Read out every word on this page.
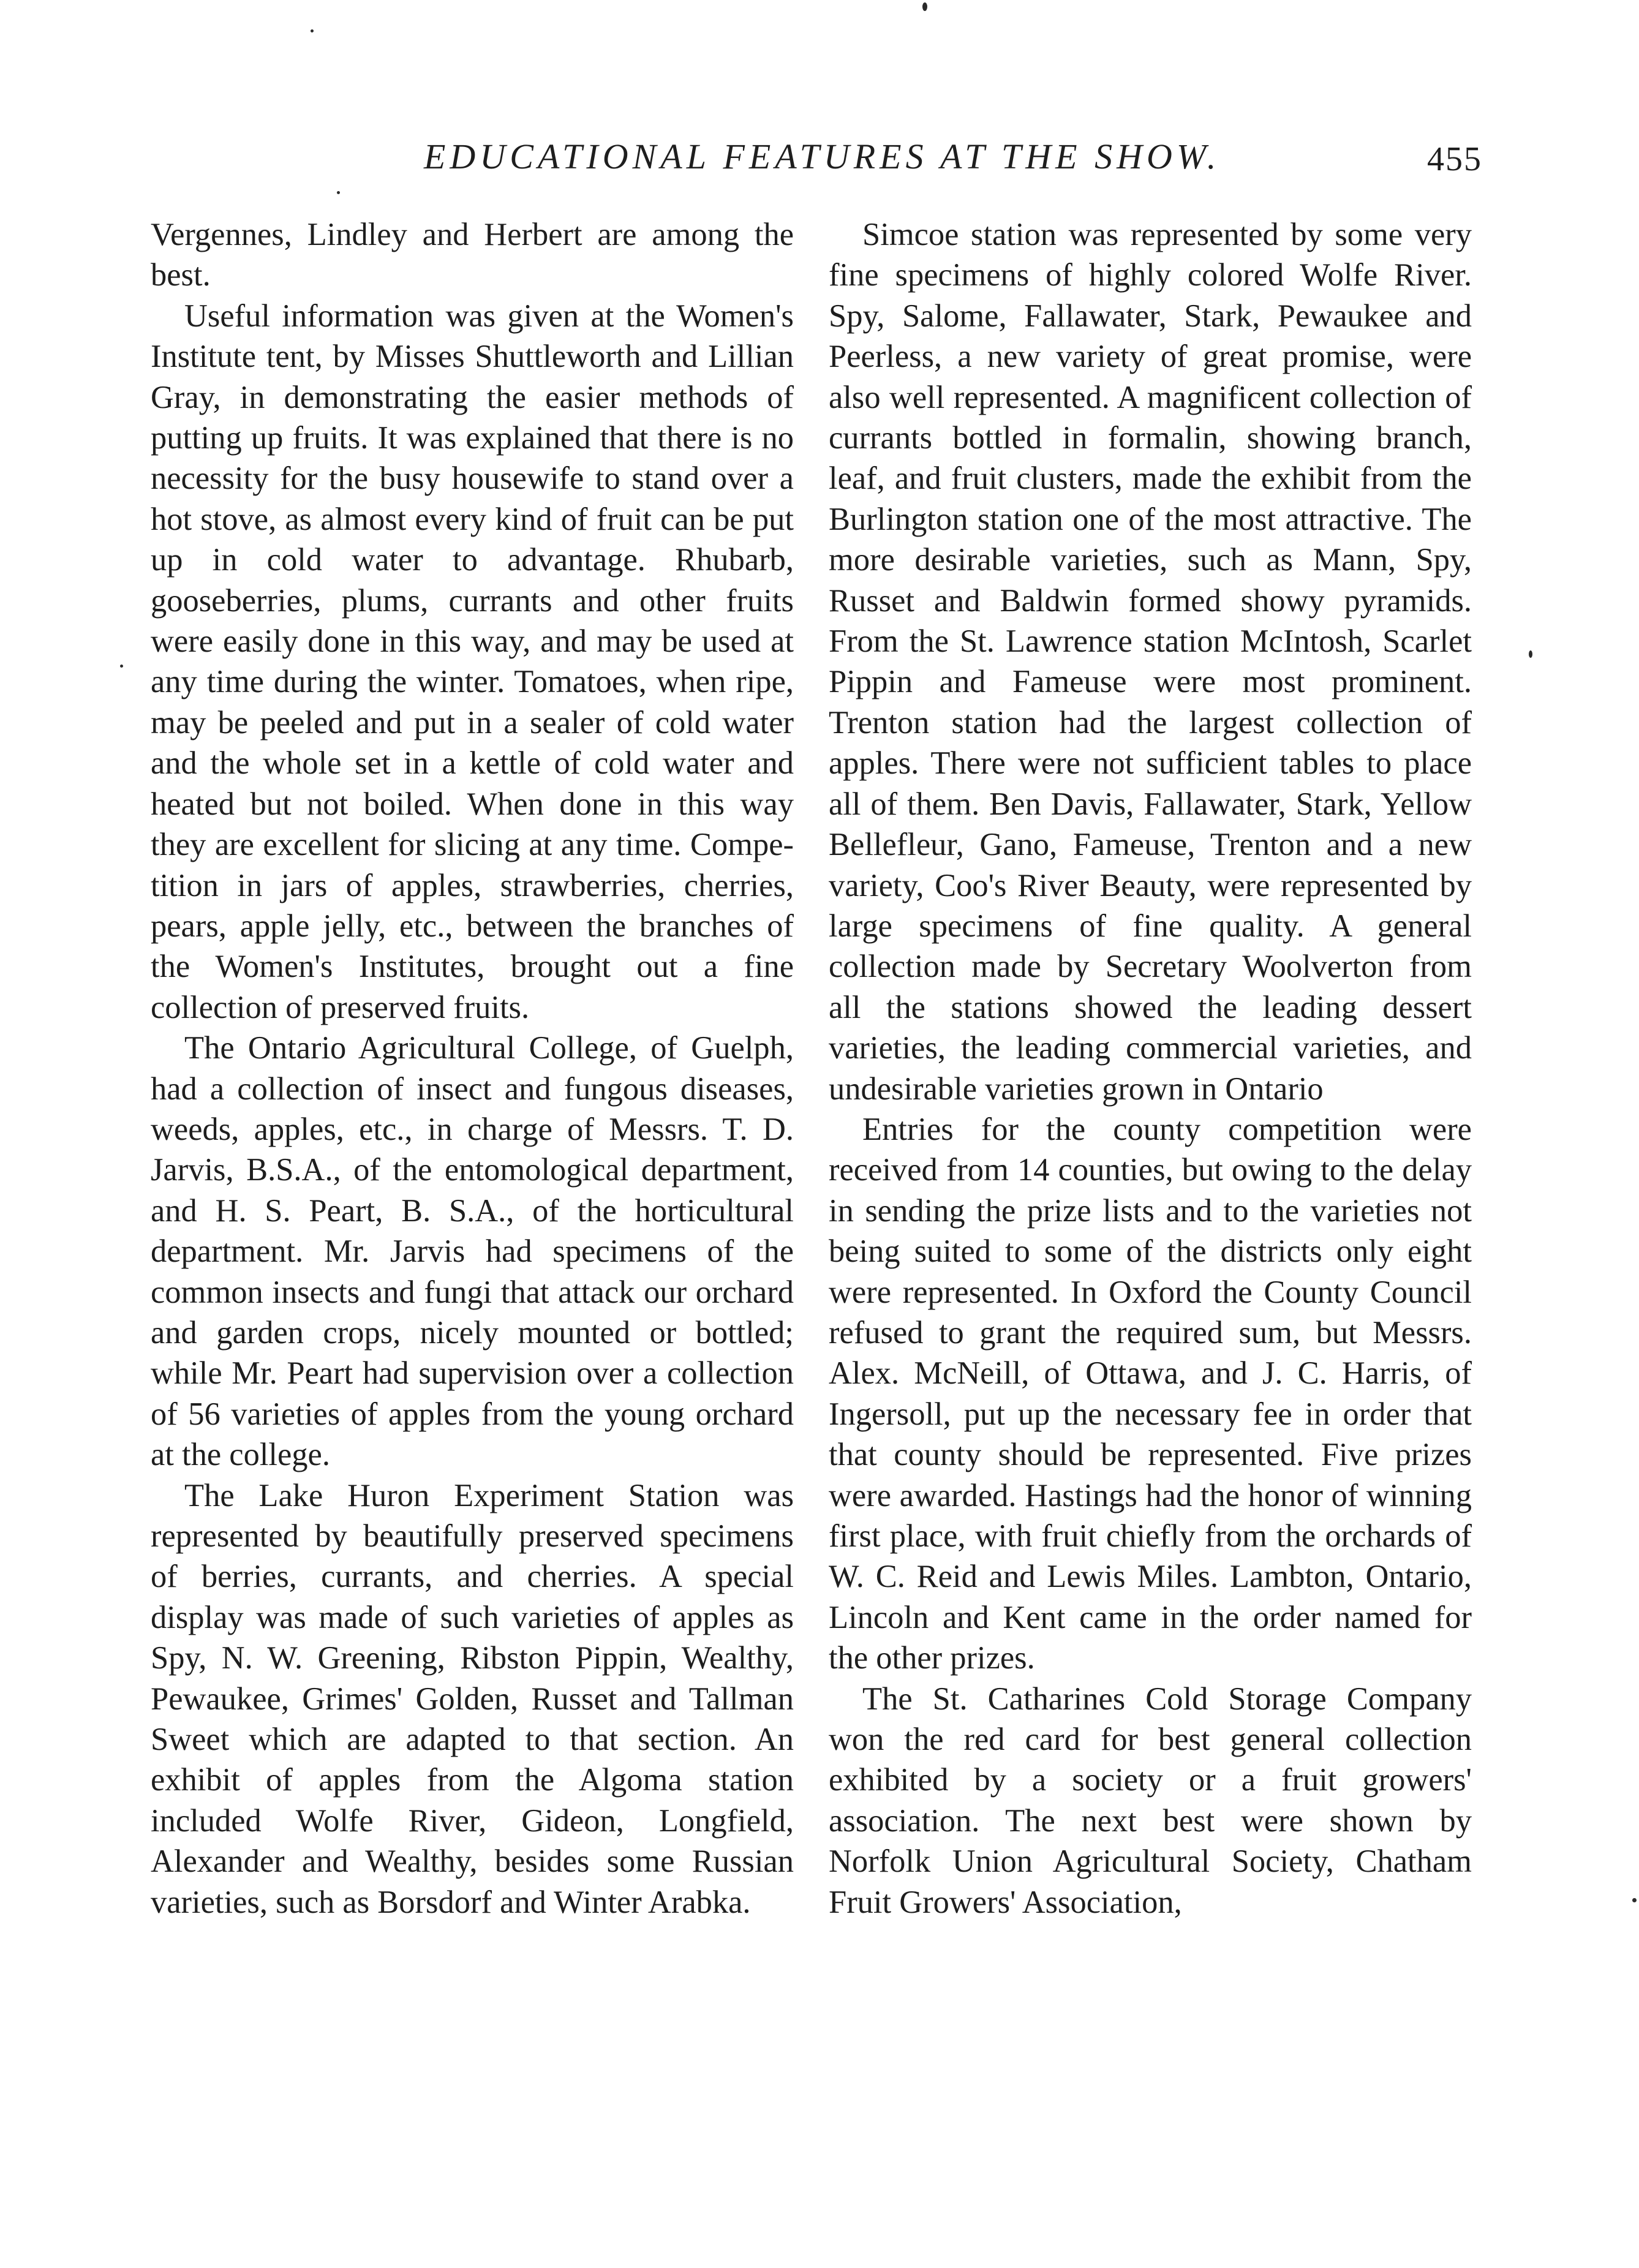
EDUCATIONAL FEATURES AT THE SHOW.	455

Vergennes, Lindley and Herbert are among the best.

Useful information was given at the Women's Institute tent, by Misses Shuttleworth and Lillian Gray, in demonstrating the easier methods of putting up fruits. It was explained that there is no necessity for the busy housewife to stand over a hot stove, as almost every kind of fruit can be put up in cold water to advantage. Rhubarb, gooseberries, plums, currants and other fruits were easily done in this way, and may be used at any time during the winter. Tomatoes, when ripe, may be peeled and put in a sealer of cold water and the whole set in a kettle of cold water and heated but not boiled. When done in this way they are excellent for slicing at any time. Competition in jars of apples, strawberries, cherries, pears, apple jelly, etc., between the branches of the Women's Institutes, brought out a fine collection of preserved fruits.

The Ontario Agricultural College, of Guelph, had a collection of insect and fungous diseases, weeds, apples, etc., in charge of Messrs. T. D. Jarvis, B.S.A., of the entomological department, and H. S. Peart, B. S.A., of the horticultural department. Mr. Jarvis had specimens of the common insects and fungi that attack our orchard and garden crops, nicely mounted or bottled; while Mr. Peart had supervision over a collection of 56 varieties of apples from the young orchard at the college.

The Lake Huron Experiment Station was represented by beautifully preserved specimens of berries, currants, and cherries. A special display was made of such varieties of apples as Spy, N. W. Greening, Ribston Pippin, Wealthy, Pewaukee, Grimes' Golden, Russet and Tallman Sweet which are adapted to that section. An exhibit of apples from the Algoma station included Wolfe River, Gideon, Longfield, Alexander and Wealthy, besides some Russian varieties, such as Borsdorf and Winter Arabka.

Simcoe station was represented by some very fine specimens of highly colored Wolfe River. Spy, Salome, Fallawater, Stark, Pewaukee and Peerless, a new variety of great promise, were also well represented. A magnificent collection of currants bottled in formalin, showing branch, leaf, and fruit clusters, made the exhibit from the Burlington station one of the most attractive. The more desirable varieties, such as Mann, Spy, Russet and Baldwin formed showy pyramids. From the St. Lawrence station McIntosh, Scarlet Pippin and Fameuse were most prominent. Trenton station had the largest collection of apples. There were not sufficient tables to place all of them. Ben Davis, Fallawater, Stark, Yellow Bellefleur, Gano, Fameuse, Trenton and a new variety, Coo's River Beauty, were represented by large specimens of fine quality. A general collection made by Secretary Woolverton from all the stations showed the leading dessert varieties, the leading commercial varieties, and undesirable varieties grown in Ontario

Entries for the county competition were received from 14 counties, but owing to the delay in sending the prize lists and to the varieties not being suited to some of the districts only eight were represented. In Oxford the County Council refused to grant the required sum, but Messrs. Alex. McNeill, of Ottawa, and J. C. Harris, of Ingersoll, put up the necessary fee in order that that county should be represented. Five prizes were awarded. Hastings had the honor of winning first place, with fruit chiefly from the orchards of W. C. Reid and Lewis Miles. Lambton, Ontario, Lincoln and Kent came in the order named for the other prizes.

The St. Catharines Cold Storage Company won the red card for best general collection exhibited by a society or a fruit growers' association. The next best were shown by Norfolk Union Agricultural Society, Chatham Fruit Growers' Association,
